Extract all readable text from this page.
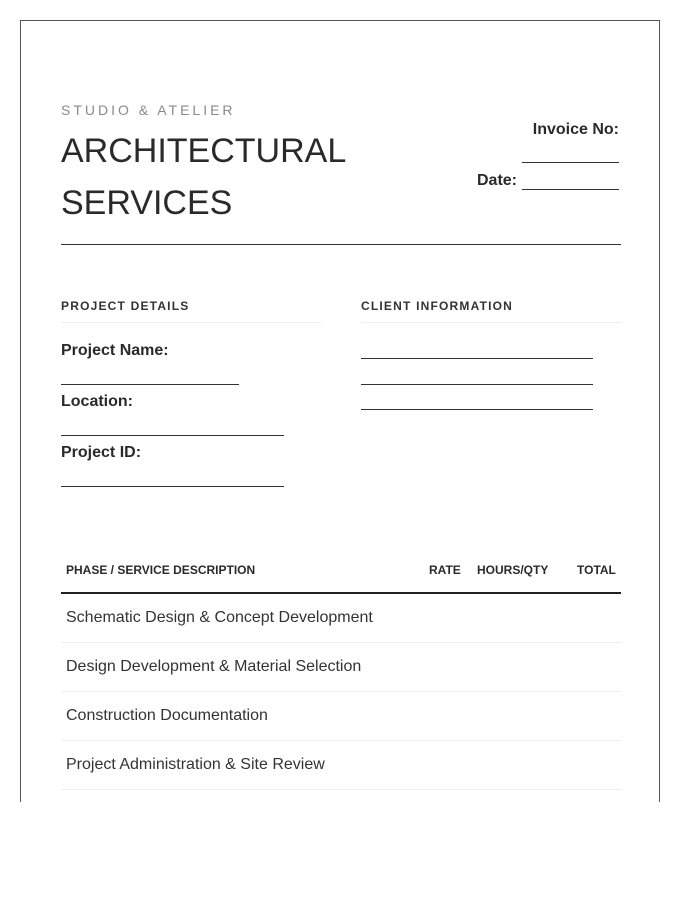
STUDIO & ATELIER
ARCHITECTURAL SERVICES
Invoice No:
Date:
PROJECT DETAILS
Project Name:
Location:
Project ID:
CLIENT INFORMATION
PHASE / SERVICE DESCRIPTION	RATE HOURS/QTY TOTAL
Schematic Design & Concept Development
Design Development & Material Selection
Construction Documentation
Project Administration & Site Review
